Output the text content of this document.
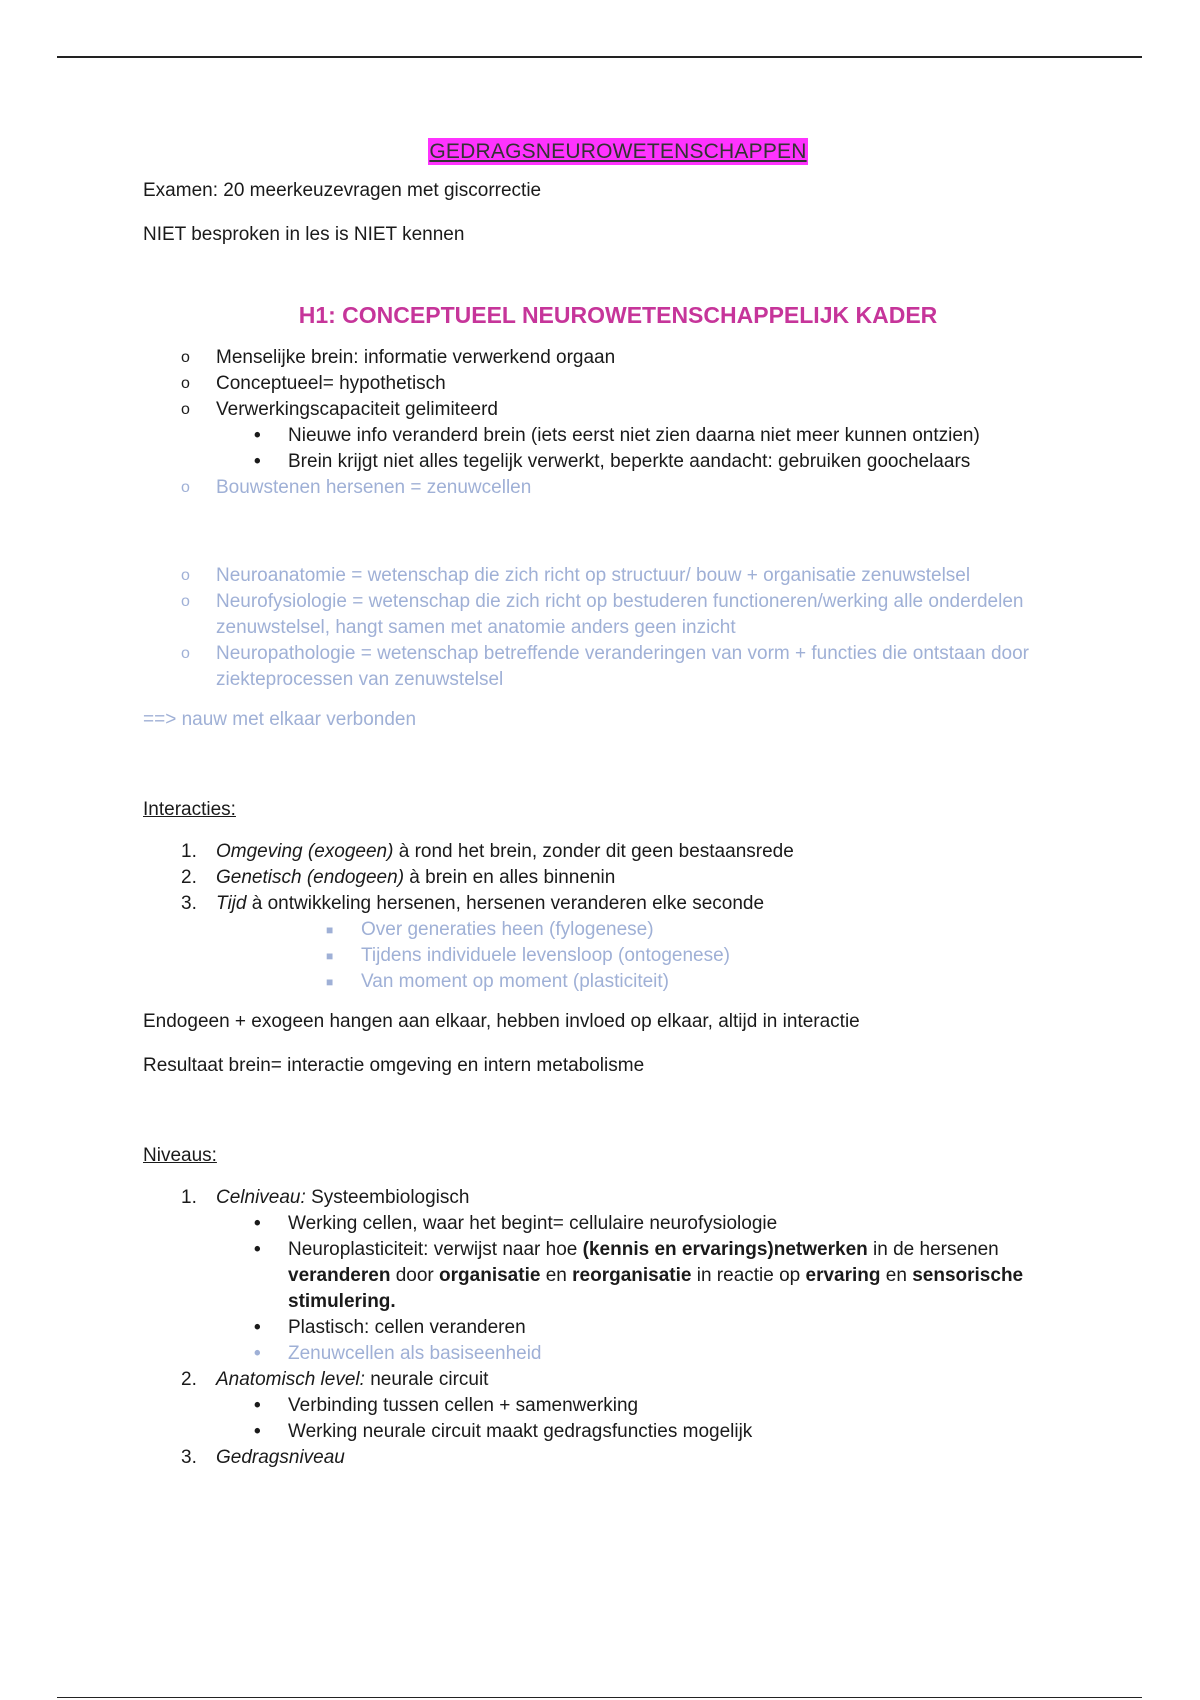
GEDRAGSNEUROWETENSCHAPPEN

Examen: 20 meerkeuzevragen met giscorrectie

NIET besproken in les is NIET kennen

H1: CONCEPTUEEL NEUROWETENSCHAPPELIJK KADER
o Menselijke brein: informatie verwerkend orgaan
o Conceptueel= hypothetisch
o Verwerkingscapaciteit gelimiteerd
• Nieuwe info veranderd brein (iets eerst niet zien daarna niet meer kunnen ontzien)
• Brein krijgt niet alles tegelijk verwerkt, beperkte aandacht: gebruiken goochelaars
o Bouwstenen hersenen = zenuwcellen
o Neuroanatomie = wetenschap die zich richt op structuur/ bouw + organisatie zenuwstelsel
o Neurofysiologie = wetenschap die zich richt op bestuderen functioneren/werking alle onderdelen zenuwstelsel, hangt samen met anatomie anders geen inzicht
o Neuropathologie = wetenschap betreffende veranderingen van vorm + functies die ontstaan door ziekteprocessen van zenuwstelsel

==> nauw met elkaar verbonden

Interacties:

1. Omgeving (exogeen) à rond het brein, zonder dit geen bestaansrede
2. Genetisch (endogeen) à brein en alles binnenin
3. Tijd à ontwikkeling hersenen, hersenen veranderen elke seconde
■ Over generaties heen (fylogenese)
■ Tijdens individuele levensloop (ontogenese)
■ Van moment op moment (plasticiteit)

Endogeen + exogeen hangen aan elkaar, hebben invloed op elkaar, altijd in interactie

Resultaat brein= interactie omgeving en intern metabolisme

Niveaus:

1. Celniveau: Systeembiologisch
• Werking cellen, waar het begint= cellulaire neurofysiologie
• Neuroplasticiteit: verwijst naar hoe (kennis en ervarings)netwerken in de hersenen veranderen door organisatie en reorganisatie in reactie op ervaring en sensorische stimulering.
• Plastisch: cellen veranderen
• Zenuwcellen als basiseenheid
2. Anatomisch level: neurale circuit
• Verbinding tussen cellen + samenwerking
• Werking neurale circuit maakt gedragsfuncties mogelijk
3. Gedragsniveau
